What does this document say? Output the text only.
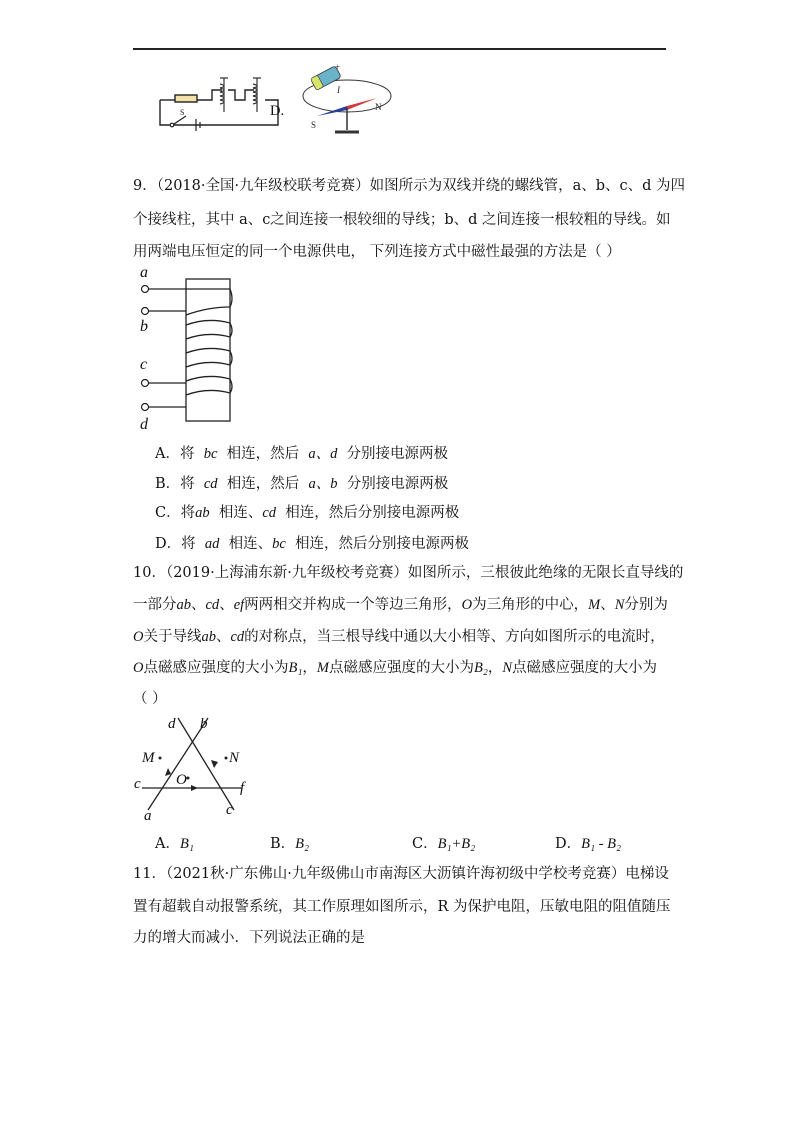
S	D.
+
I
S
N
9．（2018·全国·九年级校联考竞赛）如图所示为双线并绕的螺线管，a、b、c、d 为四
个接线柱，其中 a、c之间连接一根较细的导线；b、d 之间连接一根较粗的导线。如
用两端电压恒定的同一个电源供电， 下列连接方式中磁性最强的方法是（ ）
a
b
c
d
A．将 bc 相连，然后 a、d 分别接电源两极
B．将 cd 相连，然后 a、b 分别接电源两极
C．将ab 相连、cd 相连，然后分别接电源两极
D．将 ad 相连、bc 相连，然后分别接电源两极
10．（2019·上海浦东新·九年级校考竞赛）如图所示，三根彼此绝缘的无限长直导线的
一部分ab、cd、ef两两相交并构成一个等边三角形，O为三角形的中心，M、N分别为
O关于导线ab、cd的对称点，当三根导线中通以大小相等、方向如图所示的电流时，
O点磁感应强度的大小为B₁，M点磁感应强度的大小为B₂，N点磁感应强度的大小为
（ ）
d b
M	N
c O	f
a	c
A．B₁	B．B₂	C．B₁+B₂	D．B₁ - B₂
11．（2021秋·广东佛山·九年级佛山市南海区大沥镇许海初级中学校考竞赛）电梯设
置有超载自动报警系统，其工作原理如图所示，R 为保护电阻，压敏电阻的阻值随压
力的增大而减小．下列说法正确的是
